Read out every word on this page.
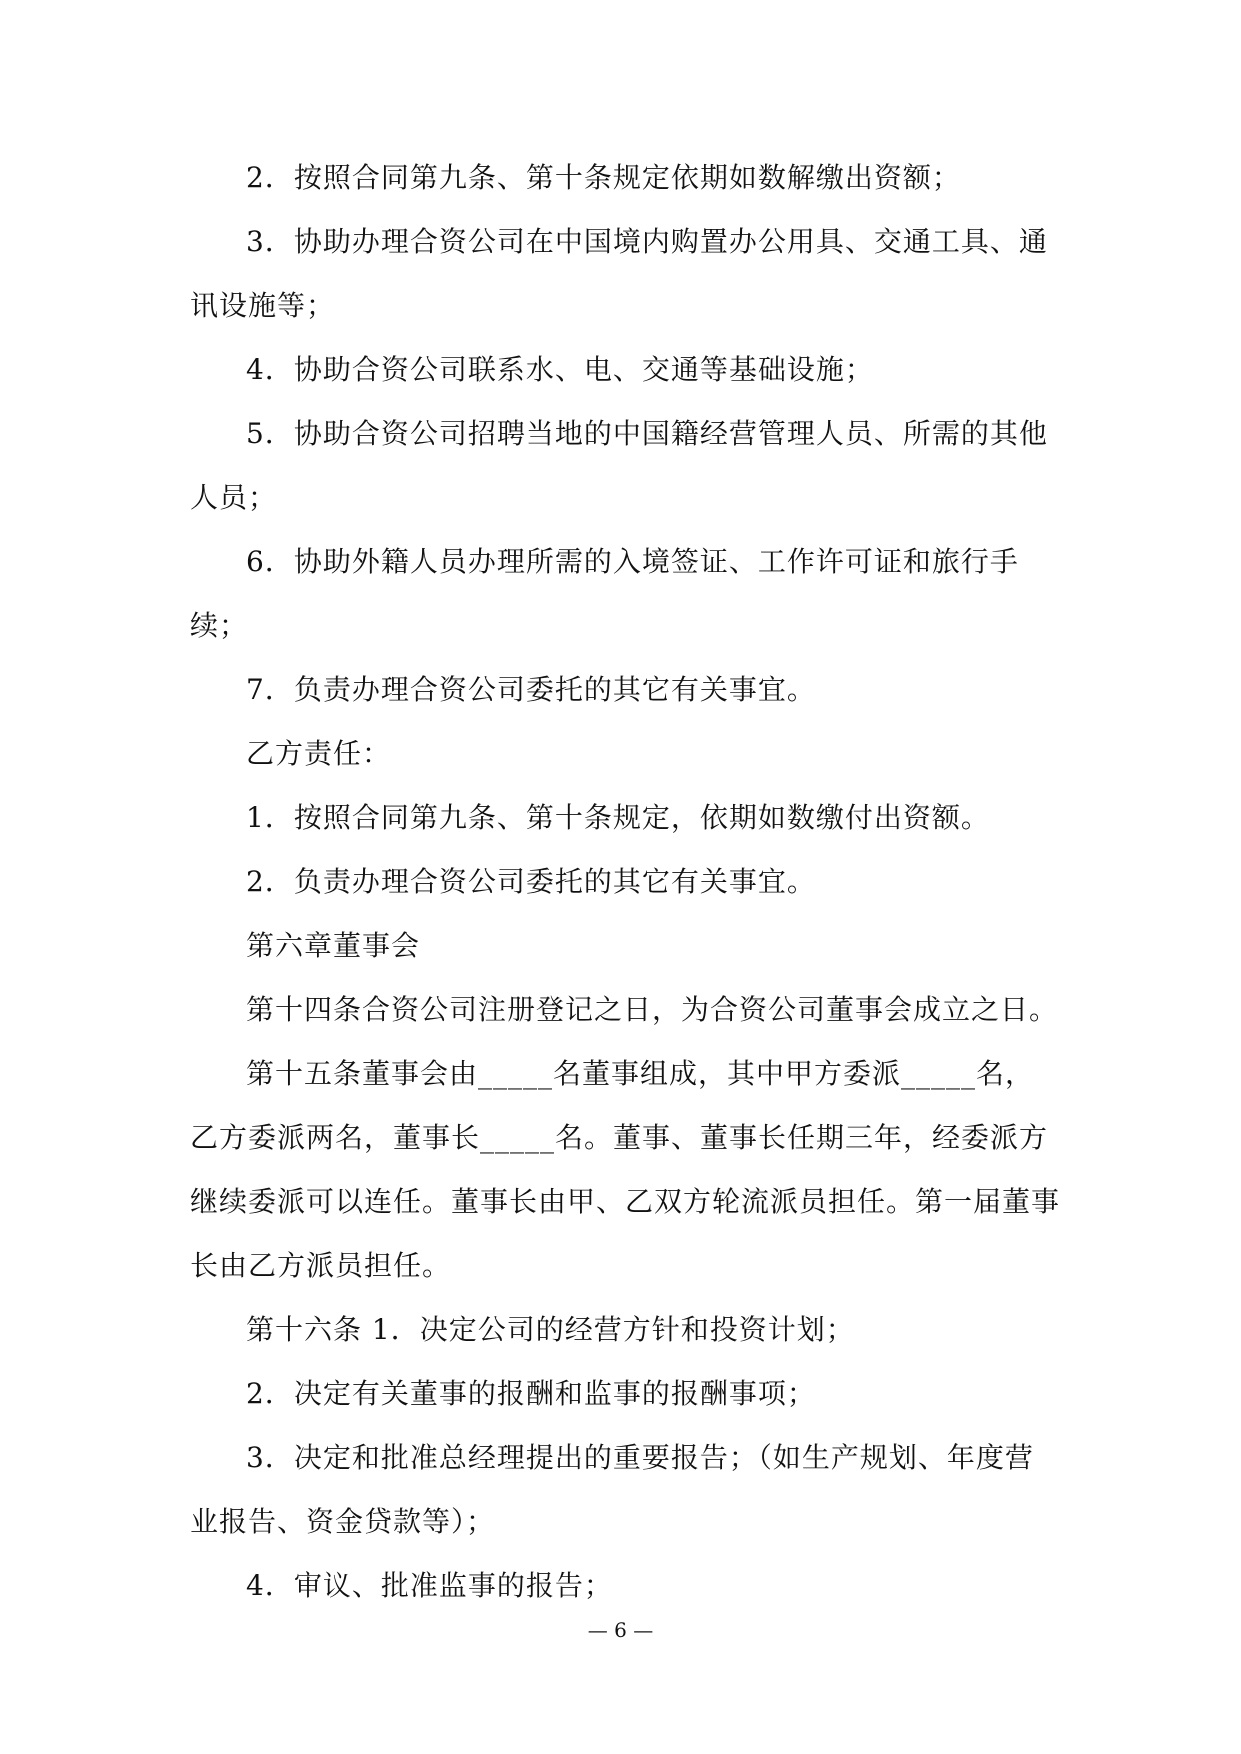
2．按照合同第九条、第十条规定依期如数解缴出资额；

3．协助办理合资公司在中国境内购置办公用具、交通工具、通讯设施等；

4．协助合资公司联系水、电、交通等基础设施；

5．协助合资公司招聘当地的中国籍经营管理人员、所需的其他人员；

6．协助外籍人员办理所需的入境签证、工作许可证和旅行手续；

7．负责办理合资公司委托的其它有关事宜。

乙方责任：

1．按照合同第九条、第十条规定，依期如数缴付出资额。

2．负责办理合资公司委托的其它有关事宜。

第六章董事会

第十四条合资公司注册登记之日，为合资公司董事会成立之日。

第十五条董事会由_____名董事组成，其中甲方委派_____名，乙方委派两名，董事长_____名。董事、董事长任期三年，经委派方继续委派可以连任。董事长由甲、乙双方轮流派员担任。第一届董事长由乙方派员担任。

第十六条 1．决定公司的经营方针和投资计划；

2．决定有关董事的报酬和监事的报酬事项；

3．决定和批准总经理提出的重要报告；（如生产规划、年度营业报告、资金贷款等）；

4．审议、批准监事的报告；

— 6 —
